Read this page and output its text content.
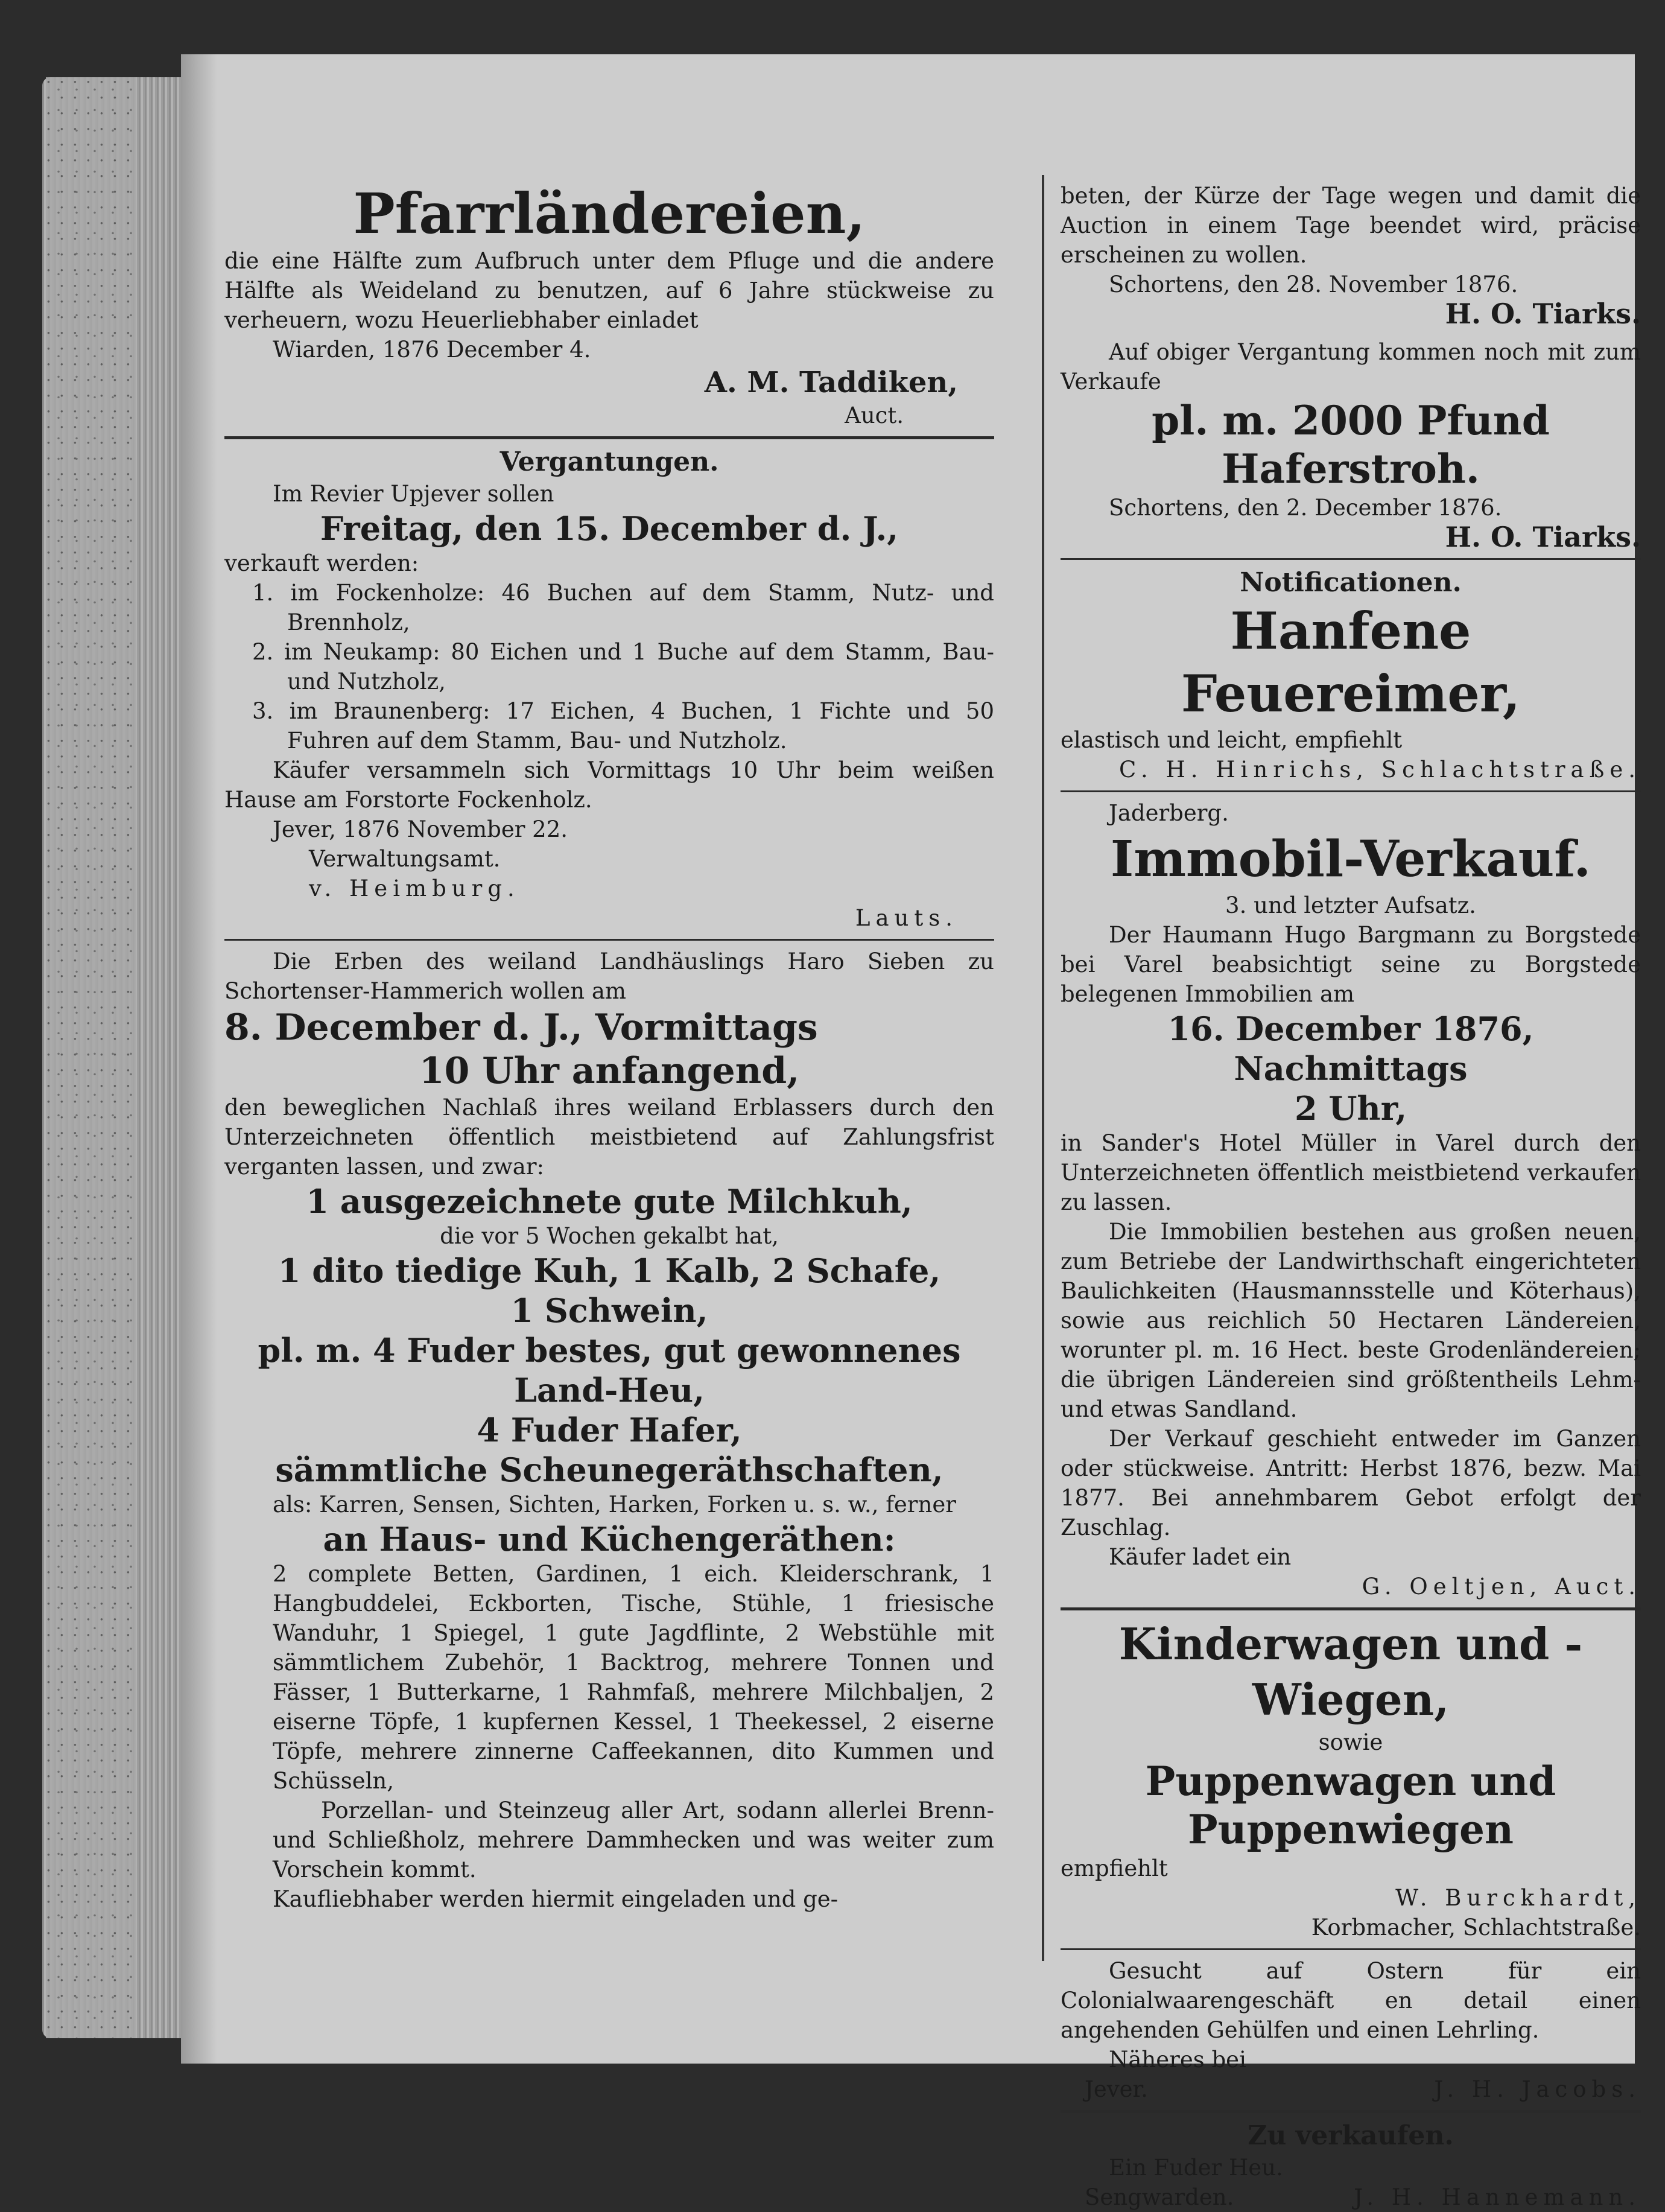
Pfarrländereien,

die eine Hälfte zum Aufbruch unter dem Pfluge und die andere Hälfte als Weideland zu benutzen, auf 6 Jahre stückweise zu verheuern, wozu Heuerliebhaber einladet

Wiarden, 1876 December 4.

A. M. Taddiken,

Auct.

Vergantungen.

Im Revier Upjever sollen

Freitag, den 15. December d. J.,

verkauft werden:

1. im Fockenholze: 46 Buchen auf dem Stamm, Nutz- und Brennholz,

2. im Neukamp: 80 Eichen und 1 Buche auf dem Stamm, Bau- und Nutzholz,

3. im Braunenberg: 17 Eichen, 4 Buchen, 1 Fichte und 50 Fuhren auf dem Stamm, Bau- und Nutzholz.

Käufer versammeln sich Vormittags 10 Uhr beim weißen Hause am Forstorte Fockenholz.

Jever, 1876 November 22.

Verwaltungsamt.

v. Heimburg.

Lauts.

Die Erben des weiland Landhäuslings Haro Sieben zu Schortenser-Hammerich wollen am

8. December d. J., Vormittags

10 Uhr anfangend,

den beweglichen Nachlaß ihres weiland Erblassers durch den Unterzeichneten öffentlich meistbietend auf Zahlungsfrist verganten lassen, und zwar:

1 ausgezeichnete gute Milchkuh,

die vor 5 Wochen gekalbt hat,

1 dito tiedige Kuh, 1 Kalb, 2 Schafe,

1 Schwein,

pl. m. 4 Fuder bestes, gut gewonnenes

Land-Heu,

4 Fuder Hafer,

sämmtliche Scheunegeräthschaften,

als: Karren, Sensen, Sichten, Harken, Forken u. s. w., ferner

an Haus- und Küchengeräthen:

2 complete Betten, Gardinen, 1 eich. Kleiderschrank, 1 Hangbuddelei, Eckborten, Tische, Stühle, 1 friesische Wanduhr, 1 Spiegel, 1 gute Jagdflinte, 2 Webstühle mit sämmtlichem Zubehör, 1 Backtrog, mehrere Tonnen und Fässer, 1 Butterkarne, 1 Rahmfaß, mehrere Milchbaljen, 2 eiserne Töpfe, 1 kupfernen Kessel, 1 Theekessel, 2 eiserne Töpfe, mehrere zinnerne Caffeekannen, dito Kummen und Schüsseln,

Porzellan- und Steinzeug aller Art, sodann allerlei Brenn- und Schließholz, mehrere Dammhecken und was weiter zum Vorschein kommt.

Kaufliebhaber werden hiermit eingeladen und ge-

beten, der Kürze der Tage wegen und damit die Auction in einem Tage beendet wird, präcise erscheinen zu wollen.

Schortens, den 28. November 1876.

H. O. Tiarks.

Auf obiger Vergantung kommen noch mit zum Verkaufe

pl. m. 2000 Pfund

Haferstroh.

Schortens, den 2. December 1876.

H. O. Tiarks.

Notificationen.

Hanfene Feuereimer,

elastisch und leicht, empfiehlt

C. H. Hinrichs, Schlachtstraße.

Jaderberg.

Immobil-Verkauf.

3. und letzter Aufsatz.

Der Haumann Hugo Bargmann zu Borgstede bei Varel beabsichtigt seine zu Borgstede belegenen Immobilien am

16. December 1876, Nachmittags

2 Uhr,

in Sander's Hotel Müller in Varel durch den Unterzeichneten öffentlich meistbietend verkaufen zu lassen.

Die Immobilien bestehen aus großen neuen, zum Betriebe der Landwirthschaft eingerichteten Baulichkeiten (Hausmannsstelle und Köterhaus), sowie aus reichlich 50 Hectaren Ländereien, worunter pl. m. 16 Hect. beste Grodenländereien; die übrigen Ländereien sind größtentheils Lehm- und etwas Sandland.

Der Verkauf geschieht entweder im Ganzen oder stückweise. Antritt: Herbst 1876, bezw. Mai 1877. Bei annehmbarem Gebot erfolgt der Zuschlag.

Käufer ladet ein

G. Oeltjen, Auct.

Kinderwagen und -Wiegen,

sowie

Puppenwagen und

Puppenwiegen

empfiehlt

W. Burckhardt,

Korbmacher, Schlachtstraße.

Gesucht auf Ostern für ein Colonialwaarengeschäft en detail einen angehenden Gehülfen und einen Lehrling.

Näheres bei

Jever.	J. H. Jacobs.

Zu verkaufen.

Ein Fuder Heu.

Sengwarden.	J. H. Hannemann.
